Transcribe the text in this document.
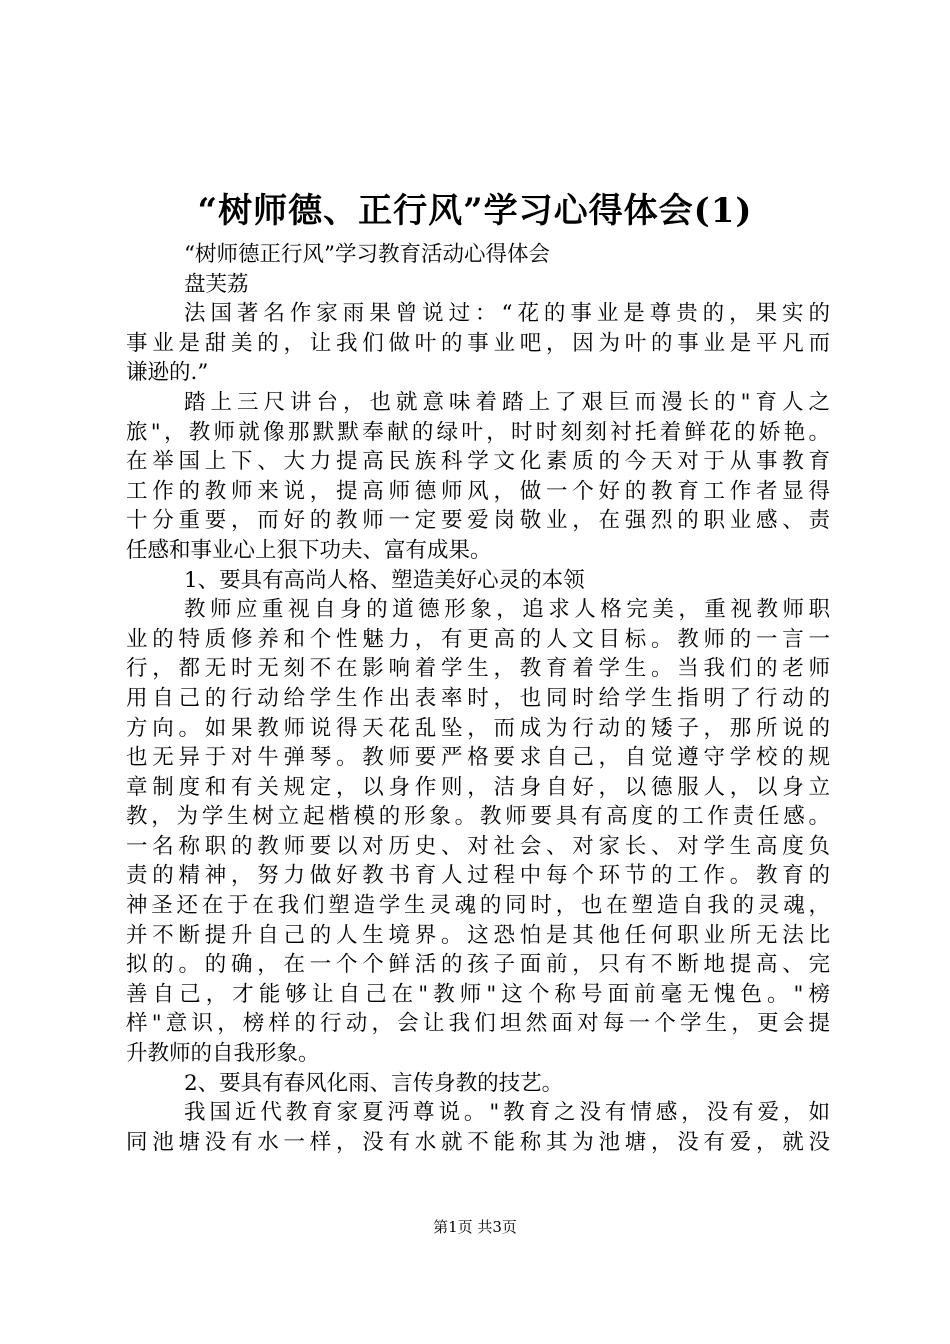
“树师德、正行风”学习心得体会(1)
“树师德正行风”学习教育活动心得体会
盘芙荔
法国著名作家雨果曾说过：“花的事业是尊贵的，果实的
事业是甜美的，让我们做叶的事业吧，因为叶的事业是平凡而
谦逊的.”
踏上三尺讲台，也就意味着踏上了艰巨而漫长的"育人之
旅"，教师就像那默默奉献的绿叶，时时刻刻衬托着鲜花的娇艳。
在举国上下、大力提高民族科学文化素质的今天对于从事教育
工作的教师来说，提高师德师风，做一个好的教育工作者显得
十分重要，而好的教师一定要爱岗敬业，在强烈的职业感、责
任感和事业心上狠下功夫、富有成果。
1、要具有高尚人格、塑造美好心灵的本领
教师应重视自身的道德形象，追求人格完美，重视教师职
业的特质修养和个性魅力，有更高的人文目标。教师的一言一
行，都无时无刻不在影响着学生，教育着学生。当我们的老师
用自己的行动给学生作出表率时，也同时给学生指明了行动的
方向。如果教师说得天花乱坠，而成为行动的矮子，那所说的
也无异于对牛弹琴。教师要严格要求自己，自觉遵守学校的规
章制度和有关规定，以身作则，洁身自好，以德服人，以身立
教，为学生树立起楷模的形象。教师要具有高度的工作责任感。
一名称职的教师要以对历史、对社会、对家长、对学生高度负
责的精神，努力做好教书育人过程中每个环节的工作。教育的
神圣还在于在我们塑造学生灵魂的同时，也在塑造自我的灵魂，
并不断提升自己的人生境界。这恐怕是其他任何职业所无法比
拟的。的确，在一个个鲜活的孩子面前，只有不断地提高、完
善自己，才能够让自己在"教师"这个称号面前毫无愧色。"榜
样"意识，榜样的行动，会让我们坦然面对每一个学生，更会提
升教师的自我形象。
2、要具有春风化雨、言传身教的技艺。
我国近代教育家夏沔尊说。"教育之没有情感，没有爱，如
同池塘没有水一样，没有水就不能称其为池塘，没有爱，就没
第1页 共3页
